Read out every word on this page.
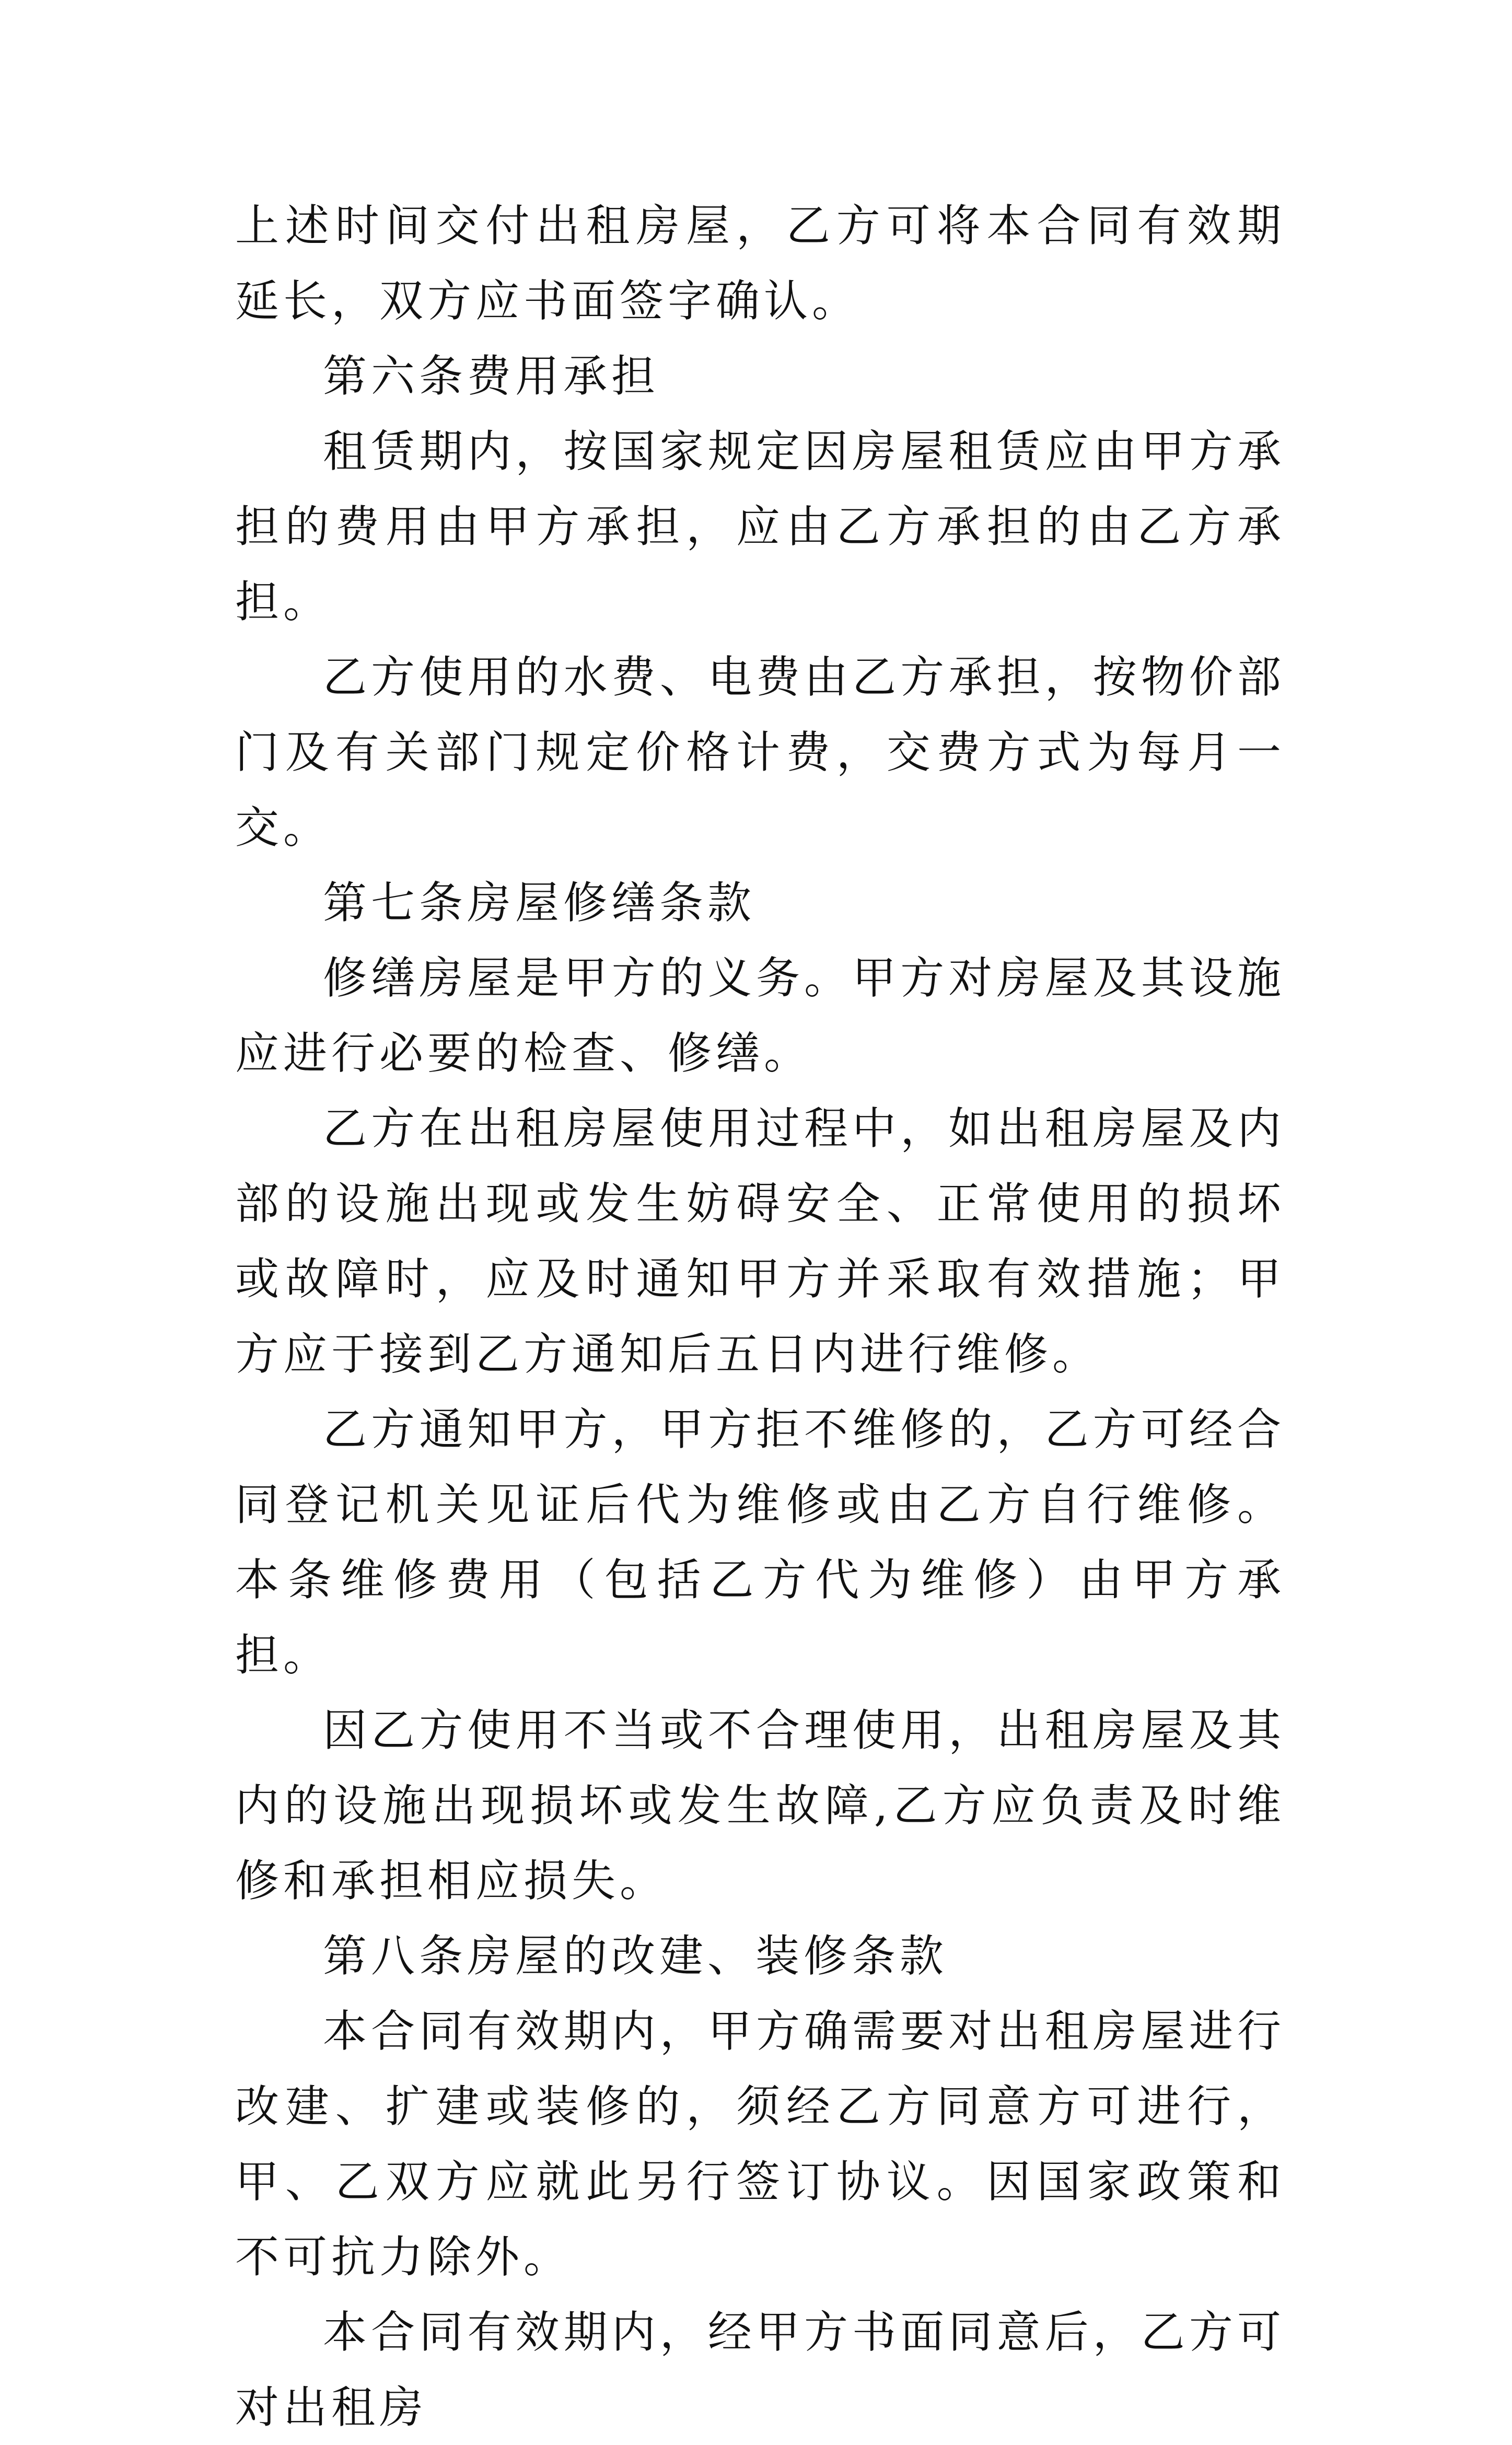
上述时间交付出租房屋，乙方可将本合同有效期延长，双方应书面签字确认。

第六条费用承担

租赁期内，按国家规定因房屋租赁应由甲方承担的费用由甲方承担，应由乙方承担的由乙方承担。

乙方使用的水费、电费由乙方承担，按物价部门及有关部门规定价格计费，交费方式为每月一交。

第七条房屋修缮条款

修缮房屋是甲方的义务。甲方对房屋及其设施应进行必要的检查、修缮。

乙方在出租房屋使用过程中，如出租房屋及内部的设施出现或发生妨碍安全、正常使用的损坏或故障时，应及时通知甲方并采取有效措施；甲方应于接到乙方通知后五日内进行维修。

乙方通知甲方，甲方拒不维修的，乙方可经合同登记机关见证后代为维修或由乙方自行维修。本条维修费用（包括乙方代为维修）由甲方承担。

因乙方使用不当或不合理使用，出租房屋及其内的设施出现损坏或发生故障,乙方应负责及时维修和承担相应损失。

第八条房屋的改建、装修条款

本合同有效期内，甲方确需要对出租房屋进行改建、扩建或装修的，须经乙方同意方可进行，甲、乙双方应就此另行签订协议。因国家政策和不可抗力除外。

本合同有效期内，经甲方书面同意后，乙方可对出租房
